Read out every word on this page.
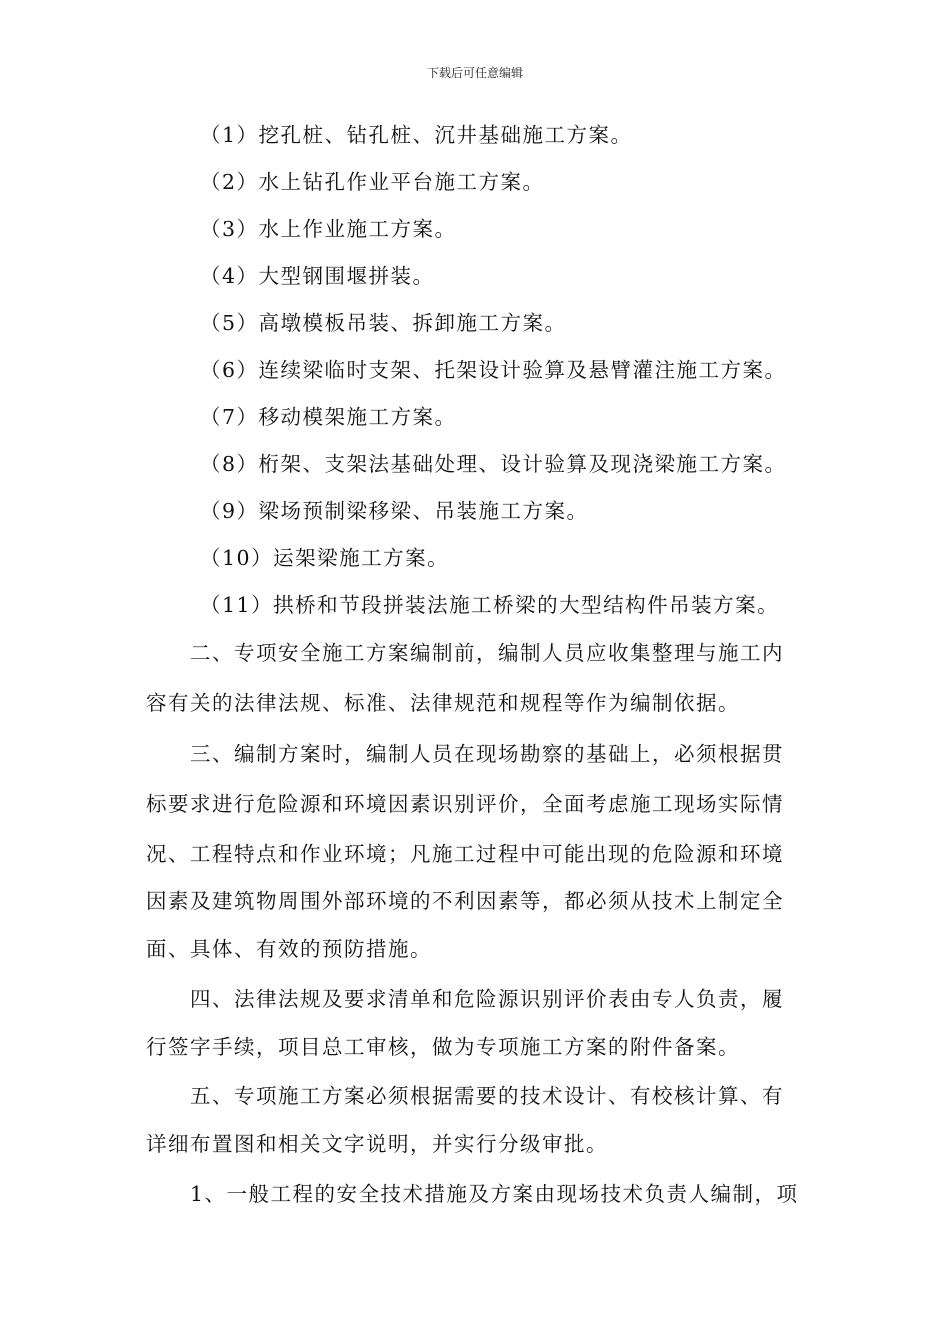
下载后可任意编辑
（1）挖孔桩、钻孔桩、沉井基础施工方案。
（2）水上钻孔作业平台施工方案。
（3）水上作业施工方案。
（4）大型钢围堰拼装。
（5）高墩模板吊装、拆卸施工方案。
（6）连续梁临时支架、托架设计验算及悬臂灌注施工方案。
（7）移动模架施工方案。
（8）桁架、支架法基础处理、设计验算及现浇梁施工方案。
（9）梁场预制梁移梁、吊装施工方案。
（10）运架梁施工方案。
（11）拱桥和节段拼装法施工桥梁的大型结构件吊装方案。
二、专项安全施工方案编制前，编制人员应收集整理与施工内
容有关的法律法规、标准、法律规范和规程等作为编制依据。
三、编制方案时，编制人员在现场勘察的基础上，必须根据贯
标要求进行危险源和环境因素识别评价，全面考虑施工现场实际情
况、工程特点和作业环境；凡施工过程中可能出现的危险源和环境
因素及建筑物周围外部环境的不利因素等，都必须从技术上制定全
面、具体、有效的预防措施。
四、法律法规及要求清单和危险源识别评价表由专人负责，履
行签字手续，项目总工审核，做为专项施工方案的附件备案。
五、专项施工方案必须根据需要的技术设计、有校核计算、有
详细布置图和相关文字说明，并实行分级审批。
1、一般工程的安全技术措施及方案由现场技术负责人编制，项
